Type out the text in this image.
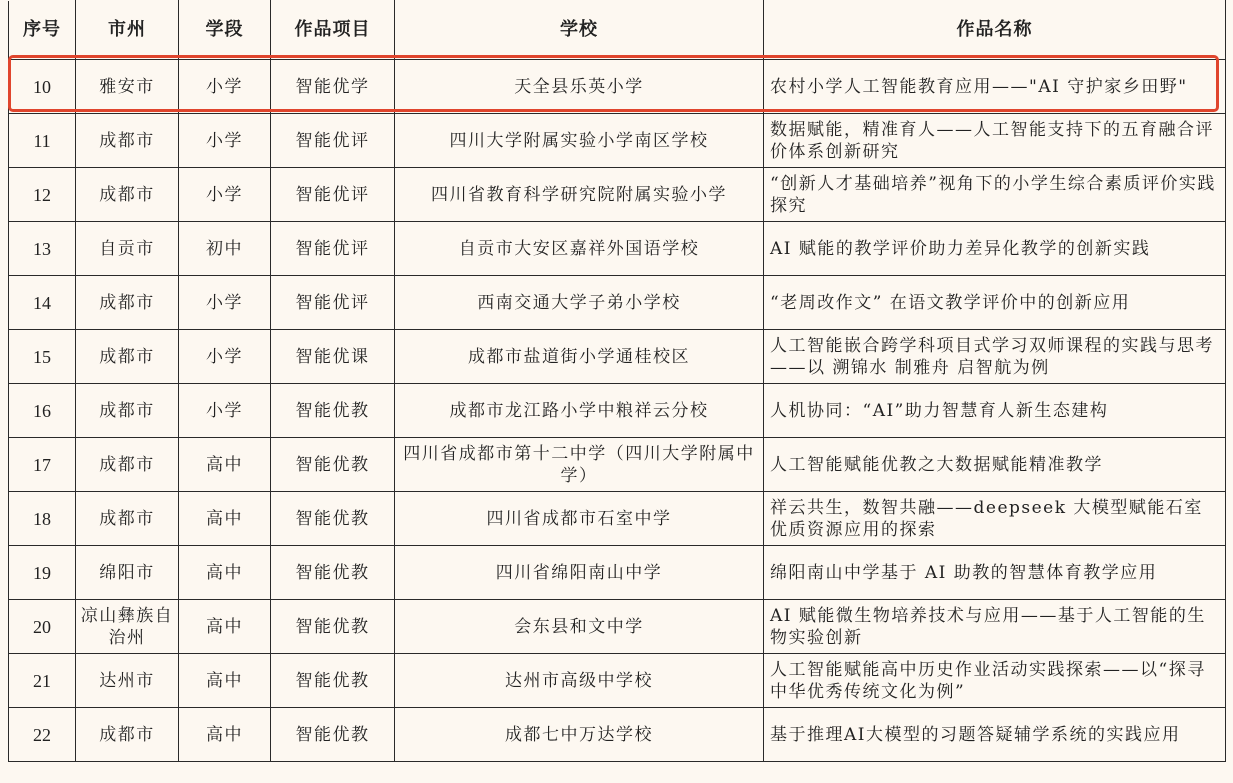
序号	市州	学段	作品项目	学校	作品名称
10	雅安市	小学	智能优学	天全县乐英小学	农村小学人工智能教育应用——"AI 守护家乡田野"
11	成都市	小学	智能优评	四川大学附属实验小学南区学校	数据赋能，精准育人——人工智能支持下的五育融合评价体系创新研究
12	成都市	小学	智能优评	四川省教育科学研究院附属实验小学	“创新人才基础培养”视角下的小学生综合素质评价实践探究
13	自贡市	初中	智能优评	自贡市大安区嘉祥外国语学校	AI 赋能的教学评价助力差异化教学的创新实践
14	成都市	小学	智能优评	西南交通大学子弟小学校	“老周改作文” 在语文教学评价中的创新应用
15	成都市	小学	智能优课	成都市盐道街小学通桂校区	人工智能嵌合跨学科项目式学习双师课程的实践与思考——以 溯锦水 制雅舟 启智航为例
16	成都市	小学	智能优教	成都市龙江路小学中粮祥云分校	人机协同：“AI”助力智慧育人新生态建构
17	成都市	高中	智能优教	四川省成都市第十二中学（四川大学附属中学）	人工智能赋能优教之大数据赋能精准教学
18	成都市	高中	智能优教	四川省成都市石室中学	祥云共生，数智共融——deepseek 大模型赋能石室优质资源应用的探索
19	绵阳市	高中	智能优教	四川省绵阳南山中学	绵阳南山中学基于 AI 助教的智慧体育教学应用
20	凉山彝族自治州	高中	智能优教	会东县和文中学	AI 赋能微生物培养技术与应用——基于人工智能的生物实验创新
21	达州市	高中	智能优教	达州市高级中学校	人工智能赋能高中历史作业活动实践探索——以“探寻中华优秀传统文化为例”
22	成都市	高中	智能优教	成都七中万达学校	基于推理AI大模型的习题答疑辅学系统的实践应用
